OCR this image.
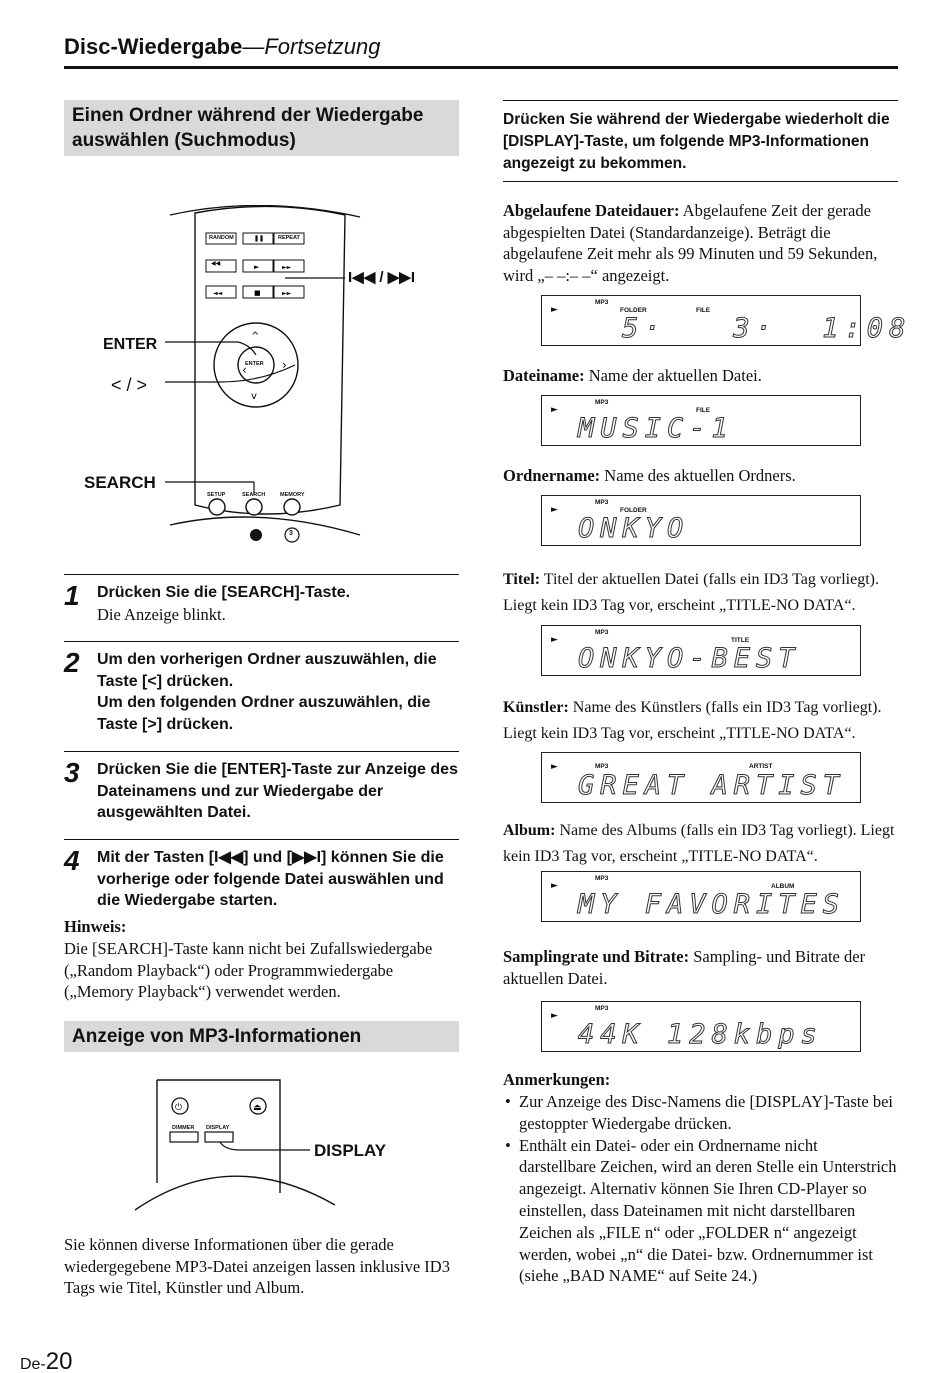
Disc-Wiedergabe—Fortsetzung
Einen Ordner während der Wiedergabe auswählen (Suchmodus)
◀◀	►	►►
◄◄	■	►►
‹	›
^
v
RANDOM	❚❚	REPEAT
ENTER
SETUP	SEARCH	MEMORY
3
I◀◀ / ▶▶I
ENTER
< / >
SEARCH
1 Drücken Sie die [SEARCH]-Taste.
Die Anzeige blinkt.
2 Um den vorherigen Ordner auszuwählen, die Taste [<] drücken.
Um den folgenden Ordner auszuwählen, die Taste [>] drücken.
3 Drücken Sie die [ENTER]-Taste zur Anzeige des Dateinamens und zur Wiedergabe der ausgewählten Datei.
4 Mit der Tasten [I◀◀] und [▶▶I] können Sie die vorherige oder folgende Datei auswählen und die Wiedergabe starten.
Hinweis:
Die [SEARCH]-Taste kann nicht bei Zufallswiedergabe („Random Playback“) oder Programmwiedergabe („Memory Playback“) verwendet werden.
Anzeige von MP3-Informationen
⏻	⏏
DIMMER DISPLAY
DISPLAY
Sie können diverse Informationen über die gerade wiedergegebene MP3-Datei anzeigen lassen inklusive ID3 Tags wie Titel, Künstler und Album.
Drücken Sie während der Wiedergabe wiederholt die [DISPLAY]-Taste, um folgende MP3-Informationen angezeigt zu bekommen.
Abgelaufene Dateidauer: Abgelaufene Zeit der gerade abgespielten Datei (Standardanzeige). Beträgt die abgelaufene Zeit mehr als 99 Minuten und 59 Sekunden, wird „– –:– –“ angezeigt.
►
MP3
FOLDER	FILE
5·   3·  1:08
Dateiname: Name der aktuellen Datei.
►
MP3
FILE
MUSIC-1
Ordnername: Name des aktuellen Ordners.
►
MP3
FOLDER
ONKYO
Titel: Titel der aktuellen Datei (falls ein ID3 Tag vorliegt). Liegt kein ID3 Tag vor, erscheint „TITLE-NO DATA“.
►
MP3
TITLE
ONKYO-BEST
Künstler: Name des Künstlers (falls ein ID3 Tag vorliegt). Liegt kein ID3 Tag vor, erscheint „TITLE-NO DATA“.
►	MP3	ARTIST
GREAT ARTIST
Album: Name des Albums (falls ein ID3 Tag vorliegt). Liegt kein ID3 Tag vor, erscheint „TITLE-NO DATA“.
►
MP3
ALBUM
MY FAVORITES
Samplingrate und Bitrate: Sampling- und Bitrate der aktuellen Datei.
►
MP3
44K 128kbps
Anmerkungen:
• Zur Anzeige des Disc-Namens die [DISPLAY]-Taste bei gestoppter Wiedergabe drücken.
• Enthält ein Datei- oder ein Ordnername nicht darstellbare Zeichen, wird an deren Stelle ein Unterstrich angezeigt. Alternativ können Sie Ihren CD-Player so einstellen, dass Dateinamen mit nicht darstellbaren Zeichen als „FILE n“ oder „FOLDER n“ angezeigt werden, wobei „n“ die Datei- bzw. Ordnernummer ist (siehe „BAD NAME“ auf Seite 24.)
De-20
